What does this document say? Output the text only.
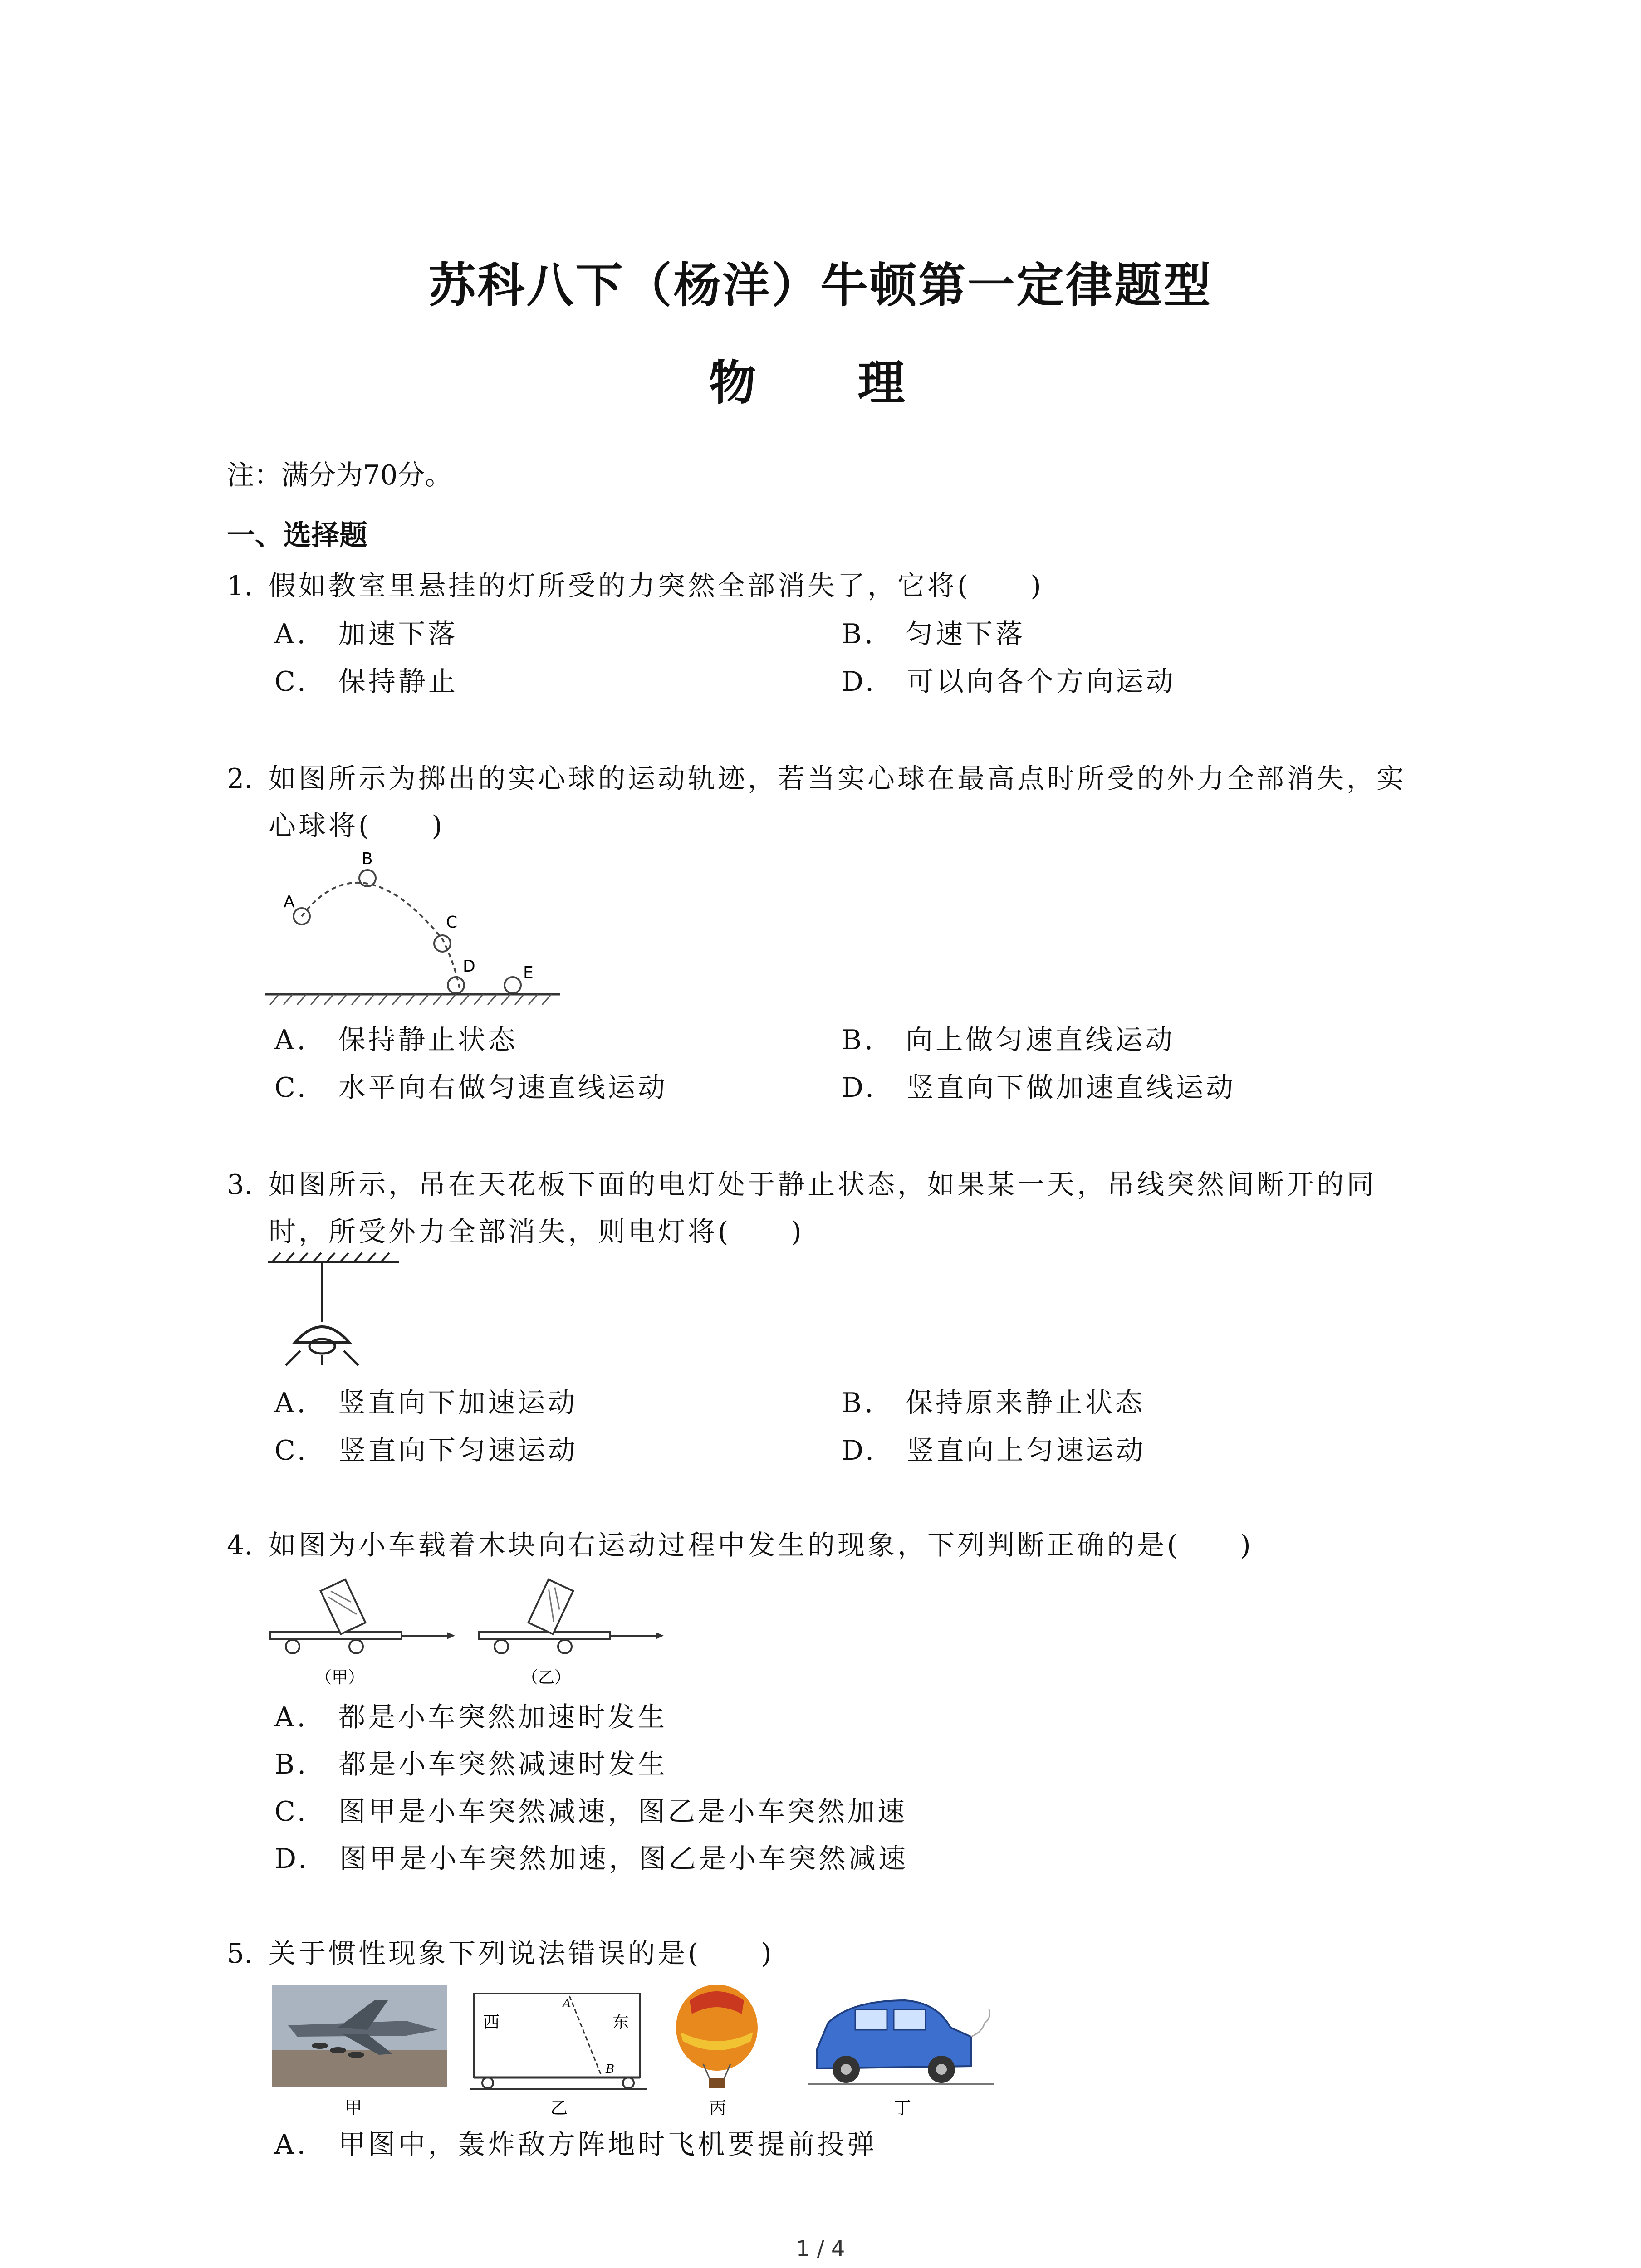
苏科八下（杨洋）牛顿第一定律题型
物　理
注：满分为70分。
一、选择题
1. 假如教室里悬挂的灯所受的力突然全部消失了，它将(　　)
A.　加速下落	B.　匀速下落
C.　保持静止	D.　可以向各个方向运动
2. 如图所示为掷出的实心球的运动轨迹，若当实心球在最高点时所受的外力全部消失，实
心球将(　　)
A
B
C
D	E
A.　保持静止状态	B.　向上做匀速直线运动
C.　水平向右做匀速直线运动	D.　竖直向下做加速直线运动
3. 如图所示，吊在天花板下面的电灯处于静止状态，如果某一天，吊线突然间断开的同
时，所受外力全部消失，则电灯将(　　)
A.　竖直向下加速运动	B.　保持原来静止状态
C.　竖直向下匀速运动	D.　竖直向上匀速运动
4. 如图为小车载着木块向右运动过程中发生的现象，下列判断正确的是(　　)
（甲）	（乙）
A.　都是小车突然加速时发生
B.　都是小车突然减速时发生
C.　图甲是小车突然减速，图乙是小车突然加速
D.　图甲是小车突然加速，图乙是小车突然减速
5. 关于惯性现象下列说法错误的是(　　)
西	东
A
B
甲	乙	丙	丁
A.　甲图中，轰炸敌方阵地时飞机要提前投弹
1 / 4
